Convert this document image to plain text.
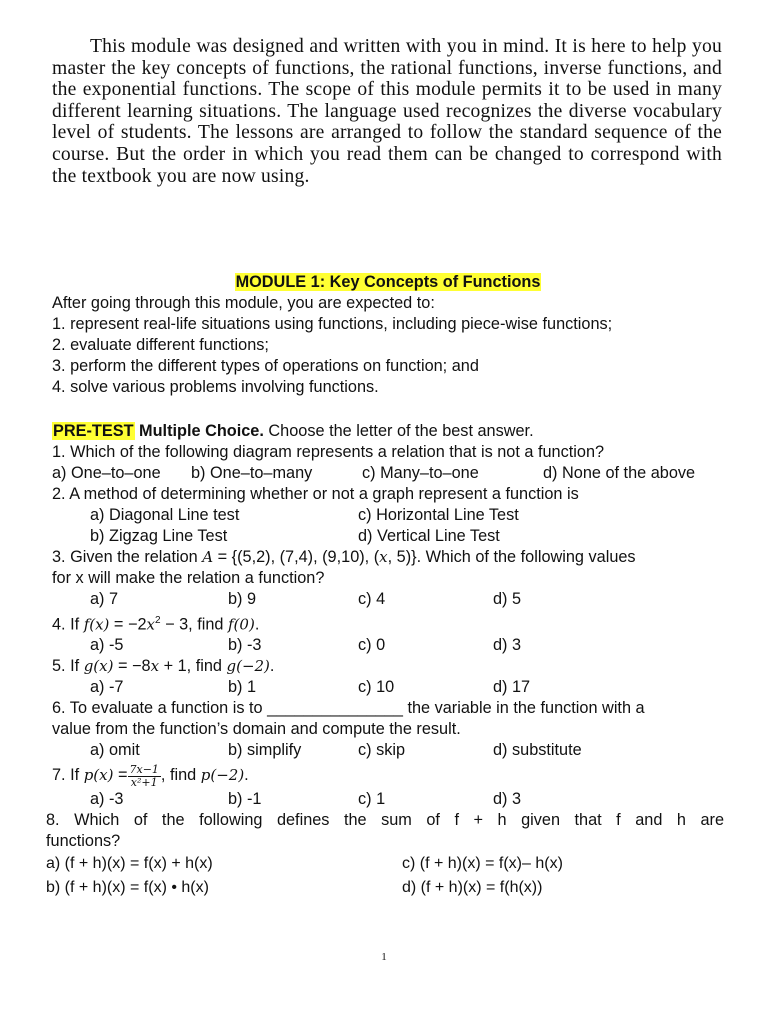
This module was designed and written with you in mind. It is here to help you master the key concepts of functions, the rational functions, inverse functions, and the exponential functions. The scope of this module permits it to be used in many different learning situations. The language used recognizes the diverse vocabulary level of students. The lessons are arranged to follow the standard sequence of the course. But the order in which you read them can be changed to correspond with the textbook you are now using.
MODULE 1: Key Concepts of Functions
After going through this module, you are expected to:
1. represent real-life situations using functions, including piece-wise functions;
2. evaluate different functions;
3. perform the different types of operations on function; and
4. solve various problems involving functions.
PRE-TEST Multiple Choice. Choose the letter of the best answer.
1. Which of the following diagram represents a relation that is not a function?
a) One–to–one	b) One–to–many	c) Many–to–one	d) None of the above
2. A method of determining whether or not a graph represent a function is
a) Diagonal Line test	c) Horizontal Line Test
b) Zigzag Line Test	d) Vertical Line Test
3. Given the relation A = {(5,2), (7,4), (9,10), (x, 5)}. Which of the following values
for x will make the relation a function?
a) 7	b) 9	c) 4	d) 5
4. If $f(x) = -2x^2 - 3$, find f(0).
a) -5	b) -3	c) 0	d) 3
5. If g(x) = −8x + 1, find g(−2).
a) -7	b) 1	c) 10	d) 17
6. To evaluate a function is to _______________ the variable in the function with a
value from the function’s domain and compute the result.
a) omit	b) simplify	c) skip	d) substitute
7. If $p(x) = \frac{7x-1}{\text{x²+1}}$ , find p(−2).
a) -3	b) -1	c) 1	d) 3
8. Which of the following defines the sum of f + h given that f and h are
functions?
a) (f + h)(x) = f(x) + h(x)	c) (f + h)(x) = f(x)– h(x)
b) (f + h)(x) = f(x) • h(x)	d) (f + h)(x) = f(h(x))
1
